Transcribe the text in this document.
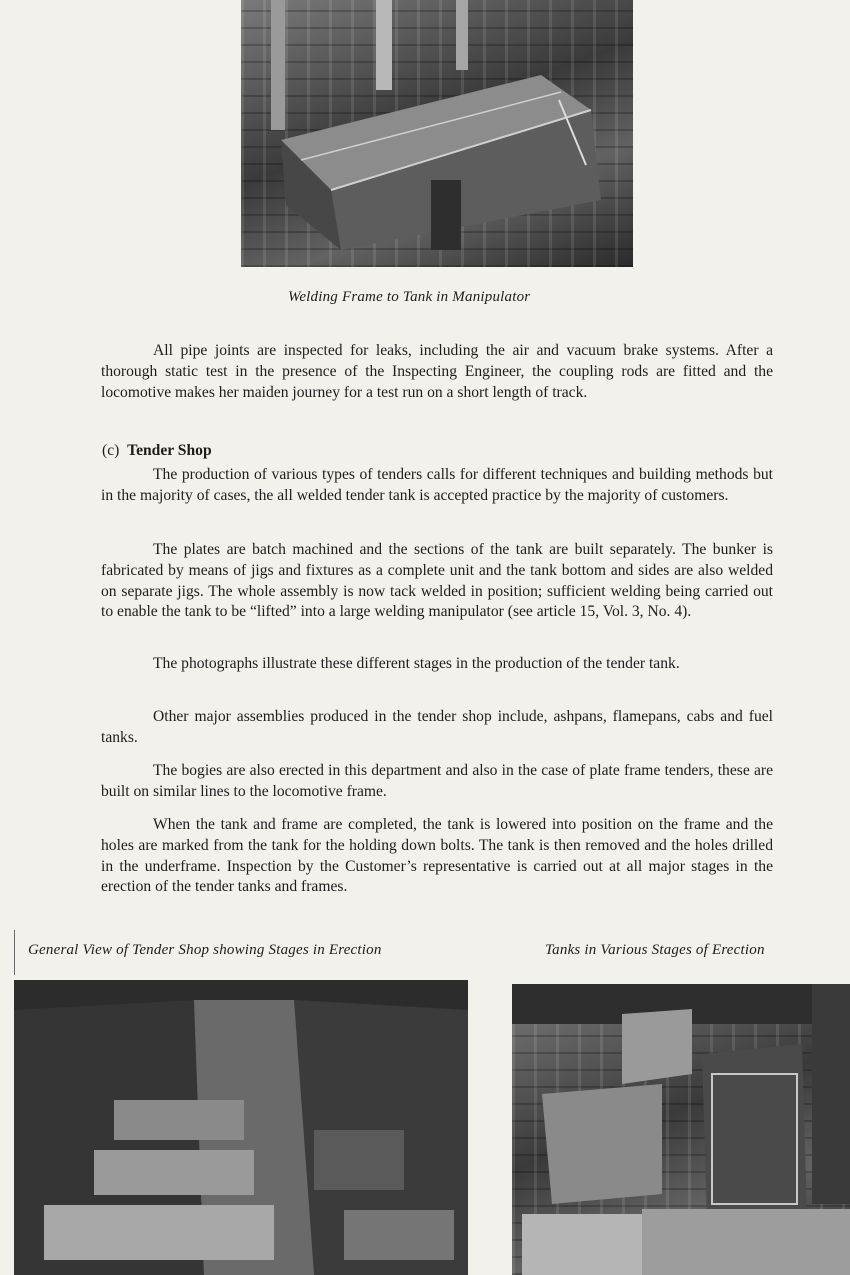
Welding Frame to Tank in Manipulator

All pipe joints are inspected for leaks, including the air and vacuum brake systems. After a thorough static test in the presence of the Inspecting Engineer, the coupling rods are fitted and the locomotive makes her maiden journey for a test run on a short length of track.

(c) Tender Shop

The production of various types of tenders calls for different techniques and building methods but in the majority of cases, the all welded tender tank is accepted practice by the majority of customers.

The plates are batch machined and the sections of the tank are built separately. The bunker is fabricated by means of jigs and fixtures as a complete unit and the tank bottom and sides are also welded on separate jigs. The whole assembly is now tack welded in position; sufficient welding being carried out to enable the tank to be “lifted” into a large welding manipulator (see article 15, Vol. 3, No. 4).

The photographs illustrate these different stages in the production of the tender tank.

Other major assemblies produced in the tender shop include, ashpans, flamepans, cabs and fuel tanks.

The bogies are also erected in this department and also in the case of plate frame tenders, these are built on similar lines to the locomotive frame.

When the tank and frame are completed, the tank is lowered into position on the frame and the holes are marked from the tank for the holding down bolts. The tank is then removed and the holes drilled in the underframe. Inspection by the Customer’s representative is carried out at all major stages in the erection of the tender tanks and frames.

General View of Tender Shop showing Stages in Erection	Tanks in Various Stages of Erection
